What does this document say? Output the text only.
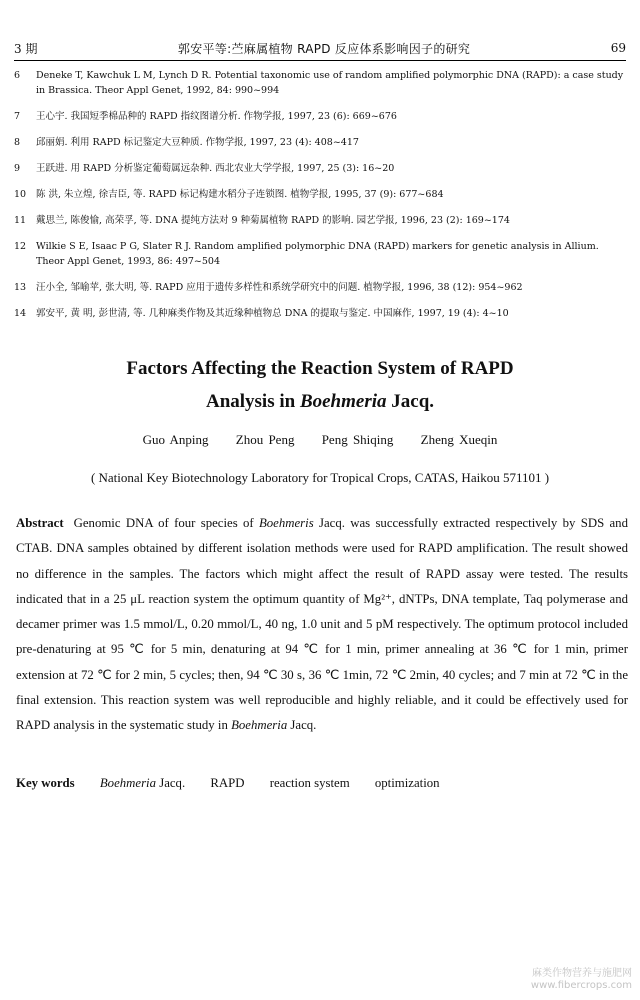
3 期	郭安平等:苎麻属植物 RAPD 反应体系影响因子的研究	69
6	Deneke T, Kawchuk L M, Lynch D R. Potential taxonomic use of random amplified polymorphic DNA (RAPD): a case study in Brassica. Theor Appl Genet, 1992, 84: 990~994
7	王心宇. 我国短季棉品种的 RAPD 指纹图谱分析. 作物学报, 1997, 23 (6): 669~676
8	邱丽娟. 利用 RAPD 标记鉴定大豆种质. 作物学报, 1997, 23 (4): 408~417
9	王跃进. 用 RAPD 分析鉴定葡萄属远杂种. 西北农业大学学报, 1997, 25 (3): 16~20
10	陈 洪, 朱立煌, 徐吉臣, 等. RAPD 标记构建水稻分子连锁图. 植物学报, 1995, 37 (9): 677~684
11	戴思兰, 陈俊愉, 高荣孚, 等. DNA 提纯方法对 9 种菊属植物 RAPD 的影响. 园艺学报, 1996, 23 (2): 169~174
12	Wilkie S E, Isaac P G, Slater R J. Random amplified polymorphic DNA (RAPD) markers for genetic analysis in Allium. Theor Appl Genet, 1993, 86: 497~504
13	汪小全, 邹喻苹, 张大明, 等. RAPD 应用于遗传多样性和系统学研究中的问题. 植物学报, 1996, 38 (12): 954~962
14	郭安平, 黄 明, 彭世清, 等. 几种麻类作物及其近缘种植物总 DNA 的提取与鉴定. 中国麻作, 1997, 19 (4): 4~10
Factors Affecting the Reaction System of RAPD
Analysis in Boehmeria Jacq.
Guo Anping Zhou Peng Peng Shiqing Zheng Xueqin
( National Key Biotechnology Laboratory for Tropical Crops, CATAS, Haikou 571101 )
Abstract Genomic DNA of four species of Boehmeris Jacq. was successfully extracted respectively by SDS and CTAB. DNA samples obtained by different isolation methods were used for RAPD amplification. The result showed no difference in the samples. The factors which might affect the result of RAPD assay were tested. The results indicated that in a 25 μL reaction system the optimum quantity of Mg²⁺, dNTPs, DNA template, Taq polymerase and decamer primer was 1.5 mmol/L, 0.20 mmol/L, 40 ng, 1.0 unit and 5 pM respectively. The optimum protocol included pre-denaturing at 95 ℃ for 5 min, denaturing at 94 ℃ for 1 min, primer annealing at 36 ℃ for 1 min, primer extension at 72 ℃ for 2 min, 5 cycles; then, 94 ℃ 30 s, 36 ℃ 1min, 72 ℃ 2min, 40 cycles; and 7 min at 72 ℃ in the final extension. This reaction system was well reproducible and highly reliable, and it could be effectively used for RAPD analysis in the systematic study in Boehmeria Jacq.
Key words Boehmeria Jacq. RAPD reaction system optimization
麻类作物营养与施肥网
www.fibercrops.com
